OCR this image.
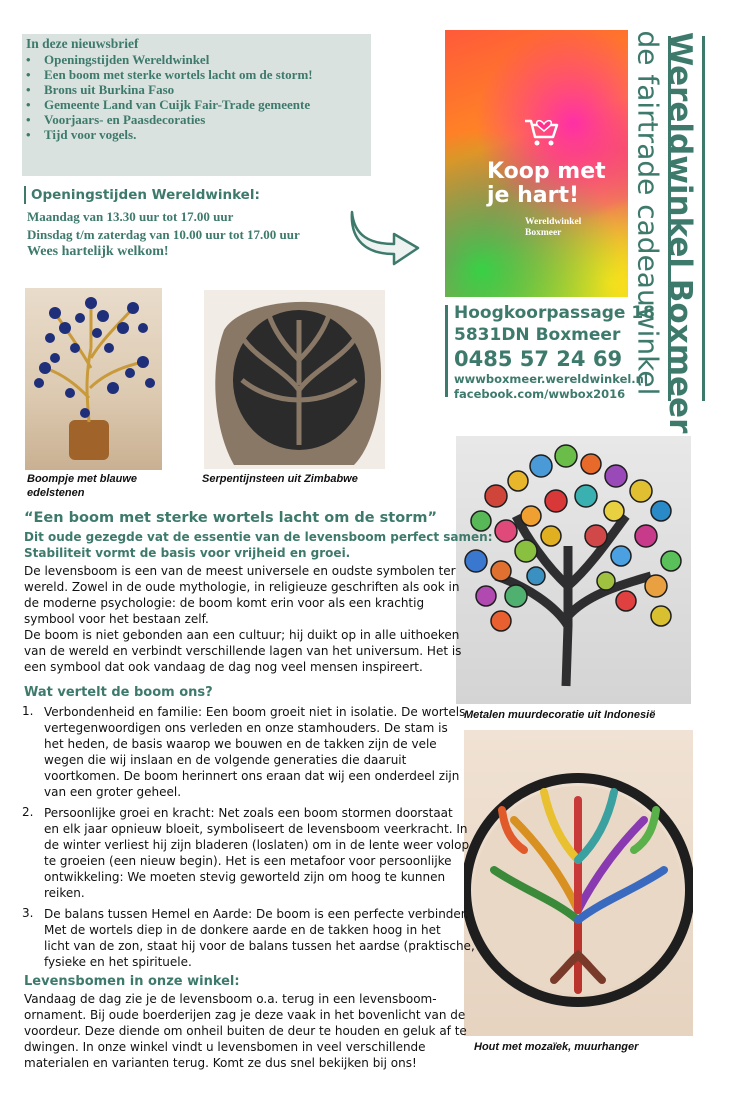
In deze nieuwsbrief
• Openingstijden Wereldwinkel
• Een boom met sterke wortels lacht om de storm!
• Brons uit Burkina Faso
• Gemeente Land van Cuijk Fair-Trade gemeente
• Voorjaars- en Paasdecoraties
• Tijd voor vogels.
Openingstijden Wereldwinkel:
Maandag van 13.30 uur tot 17.00 uur
Dinsdag t/m zaterdag van 10.00 uur tot 17.00 uur
Wees hartelijk welkom!
Koop met
je hart!
Wereldwinkel
Boxmeer
Hoogkoorpassage 18
5831DN Boxmeer
0485 57 24 69
wwwboxmeer.wereldwinkel.nl
facebook.com/wwbox2016 Wereldwinkel Boxmeer
de fairtrade cadeauwinkel
Boompje met blauwe
edelstenen
Serpentijnsteen uit Zimbabwe
Metalen muurdecoratie uit Indonesië
Hout met mozaïek, muurhanger
“Een boom met sterke wortels lacht om de storm”
Dit oude gezegde vat de essentie van de levensboom perfect samen:
Stabiliteit vormt de basis voor vrijheid en groei.
De levensboom is een van de meest universele en oudste symbolen ter
wereld. Zowel in de oude mythologie, in religieuze geschriften als ook in
de moderne psychologie: de boom komt erin voor als een krachtig
symbool voor het bestaan zelf.
De boom is niet gebonden aan een cultuur; hij duikt op in alle uithoeken
van de wereld en verbindt verschillende lagen van het universum. Het is
een symbool dat ook vandaag de dag nog veel mensen inspireert.
Wat vertelt de boom ons?
1. Verbondenheid en familie: Een boom groeit niet in isolatie. De wortels
vertegenwoordigen ons verleden en onze stamhouders. De stam is
het heden, de basis waarop we bouwen en de takken zijn de vele
wegen die wij inslaan en de volgende generaties die daaruit
voortkomen. De boom herinnert ons eraan dat wij een onderdeel zijn
van een groter geheel.
2. Persoonlijke groei en kracht: Net zoals een boom stormen doorstaat
en elk jaar opnieuw bloeit, symboliseert de levensboom veerkracht. In
de winter verliest hij zijn bladeren (loslaten) om in de lente weer volop
te groeien (een nieuw begin). Het is een metafoor voor persoonlijke
ontwikkeling: We moeten stevig geworteld zijn om hoog te kunnen
reiken.
3. De balans tussen Hemel en Aarde: De boom is een perfecte verbinder.
Met de wortels diep in de donkere aarde en de takken hoog in het
licht van de zon, staat hij voor de balans tussen het aardse (praktische,
fysieke en het spirituele.
Levensbomen in onze winkel:
Vandaag de dag zie je de levensboom o.a. terug in een levensboom-
ornament. Bij oude boerderijen zag je deze vaak in het bovenlicht van de
voordeur. Deze diende om onheil buiten de deur te houden en geluk af te
dwingen. In onze winkel vindt u levensbomen in veel verschillende
materialen en varianten terug. Komt ze dus snel bekijken bij ons!
